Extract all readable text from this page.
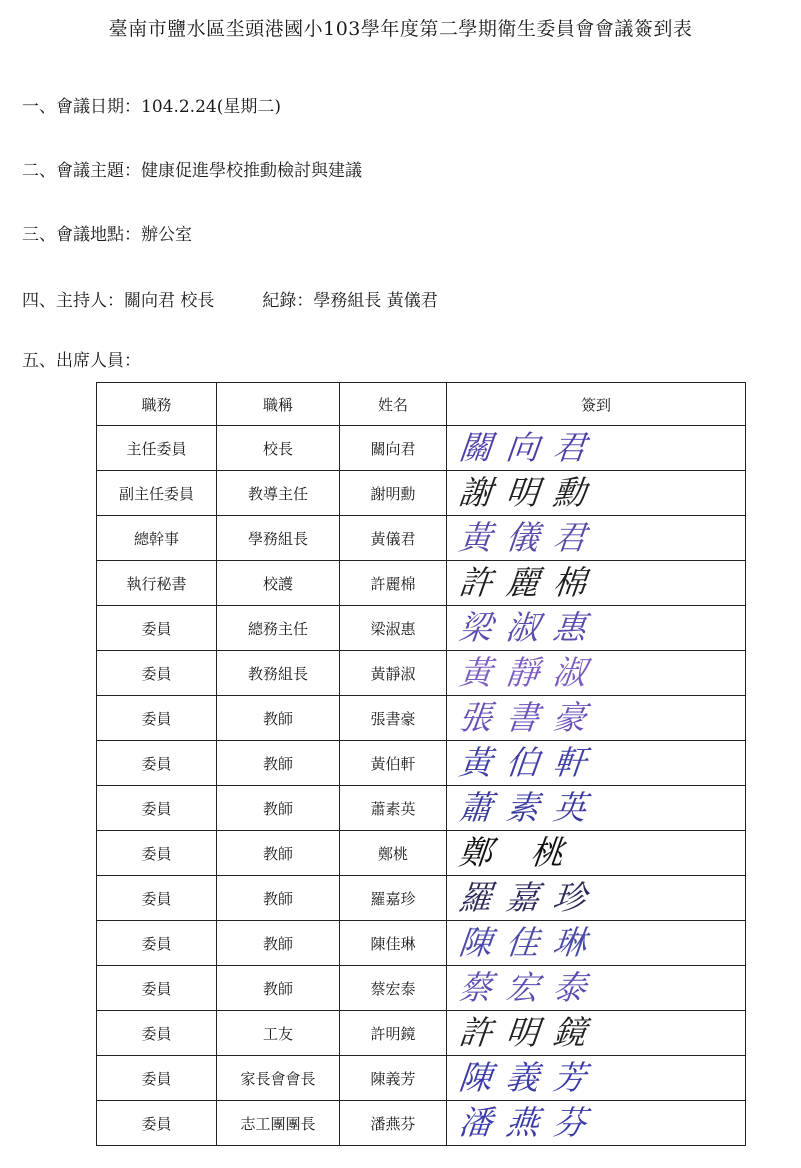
臺南市鹽水區坔頭港國小103學年度第二學期衛生委員會會議簽到表
一、會議日期：104.2.24(星期二)
二、會議主題：健康促進學校推動檢討與建議
三、會議地點：辦公室
四、主持人：關向君 校長	紀錄：學務組長 黃儀君
五、出席人員：
職務	職稱	姓名	簽到
主任委員	校長	關向君	關向君

副主任委員	教導主任	謝明勳	謝明勳

總幹事	學務組長	黃儀君	黃儀君

執行秘書	校護	許麗棉	許麗棉

委員	總務主任	梁淑惠	梁淑惠

委員	教務組長	黃靜淑	黃靜淑

委員	教師	張書豪	張書豪

委員	教師	黃伯軒	黃伯軒

委員	教師	蕭素英	蕭素英

委員	教師	鄭桃	鄭 桃

委員	教師	羅嘉珍	羅嘉珍

委員	教師	陳佳琳	陳佳琳

委員	教師	蔡宏泰	蔡宏泰

委員	工友	許明鏡	許明鏡

委員	家長會會長	陳義芳	陳義芳

委員	志工團團長	潘燕芬	潘燕芬
